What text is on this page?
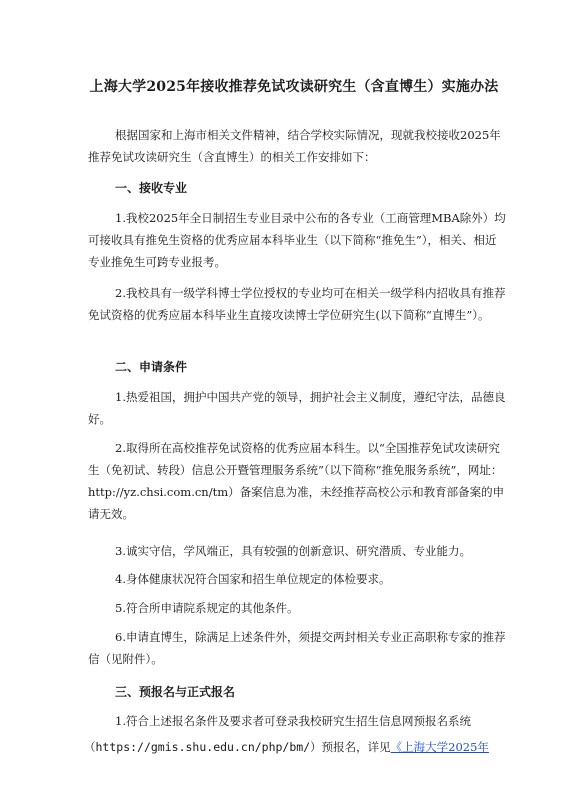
上海大学2025年接收推荐免试攻读研究生（含直博生）实施办法
根据国家和上海市相关文件精神，结合学校实际情况，现就我校接收2025年推荐免试攻读研究生（含直博生）的相关工作安排如下：
一、接收专业
1.我校2025年全日制招生专业目录中公布的各专业（工商管理MBA除外）均可接收具有推免生资格的优秀应届本科毕业生（以下简称“推免生”），相关、相近专业推免生可跨专业报考。
2.我校具有一级学科博士学位授权的专业均可在相关一级学科内招收具有推荐免试资格的优秀应届本科毕业生直接攻读博士学位研究生(以下简称“直博生”）。
二、申请条件
1.热爱祖国，拥护中国共产党的领导，拥护社会主义制度，遵纪守法，品德良好。
2.取得所在高校推荐免试资格的优秀应届本科生。以“全国推荐免试攻读研究生（免初试、转段）信息公开暨管理服务系统”（以下简称“推免服务系统”，网址：http://yz.chsi.com.cn/tm）备案信息为准，未经推荐高校公示和教育部备案的申请无效。
3.诚实守信，学风端正，具有较强的创新意识、研究潜质、专业能力。
4.身体健康状况符合国家和招生单位规定的体检要求。
5.符合所申请院系规定的其他条件。
6.申请直博生，除满足上述条件外，须提交两封相关专业正高职称专家的推荐信（见附件）。
三、预报名与正式报名
1.符合上述报名条件及要求者可登录我校研究生招生信息网预报名系统
（https://gmis.shu.edu.cn/php/bm/）预报名，详见《上海大学2025年
